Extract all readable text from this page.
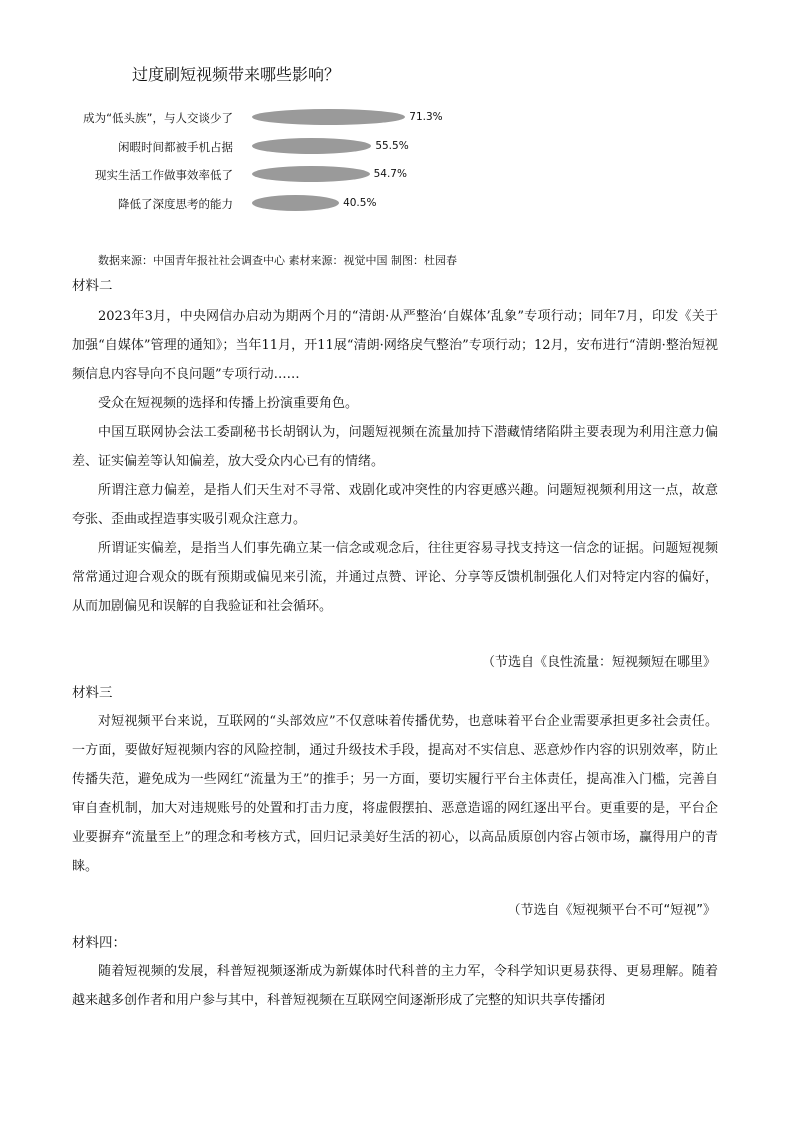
过度刷短视频带来哪些影响？
成为“低头族”，与人交谈少了	71.3%
闲暇时间都被手机占据	55.5%
现实生活工作做事效率低了	54.7%
降低了深度思考的能力	40.5%
数据来源：中国青年报社社会调查中心 素材来源：视觉中国 制图：杜园春
材料二

2023年3月，中央网信办启动为期两个月的“清朗·从严整治‘自媒体’乱象”专项行动；同年7月，印发《关于加强“自媒体”管理的通知》；当年11月，开11展“清朗·网络戾气整治”专项行动；12月，安布进行“清朗·整治短视频信息内容导向不良问题”专项行动……

受众在短视频的选择和传播上扮演重要角色。

中国互联网协会法工委副秘书长胡钢认为，问题短视频在流量加持下潜藏情绪陷阱主要表现为利用注意力偏差、证实偏差等认知偏差，放大受众内心已有的情绪。

所谓注意力偏差，是指人们天生对不寻常、戏剧化或冲突性的内容更感兴趣。问题短视频利用这一点，故意夸张、歪曲或捏造事实吸引观众注意力。

所谓证实偏差，是指当人们事先确立某一信念或观念后，往往更容易寻找支持这一信念的证据。问题短视频常常通过迎合观众的既有预期或偏见来引流，并通过点赞、评论、分享等反馈机制强化人们对特定内容的偏好，从而加剧偏见和误解的自我验证和社会循环。

（节选自《良性流量：短视频短在哪里》
材料三

对短视频平台来说，互联网的“头部效应”不仅意味着传播优势，也意味着平台企业需要承担更多社会责任。一方面，要做好短视频内容的风险控制，通过升级技术手段，提高对不实信息、恶意炒作内容的识别效率，防止传播失范，避免成为一些网红“流量为王”的推手；另一方面，要切实履行平台主体责任，提高准入门槛，完善自审自查机制，加大对违规账号的处置和打击力度，将虚假摆拍、恶意造谣的网红逐出平台。更重要的是，平台企业要摒弃“流量至上”的理念和考核方式，回归记录美好生活的初心，以高品质原创内容占领市场，赢得用户的青睐。

（节选自《短视频平台不可“短视”》
材料四：

随着短视频的发展，科普短视频逐渐成为新媒体时代科普的主力军，令科学知识更易获得、更易理解。随着越来越多创作者和用户参与其中，科普短视频在互联网空间逐渐形成了完整的知识共享传播闭
